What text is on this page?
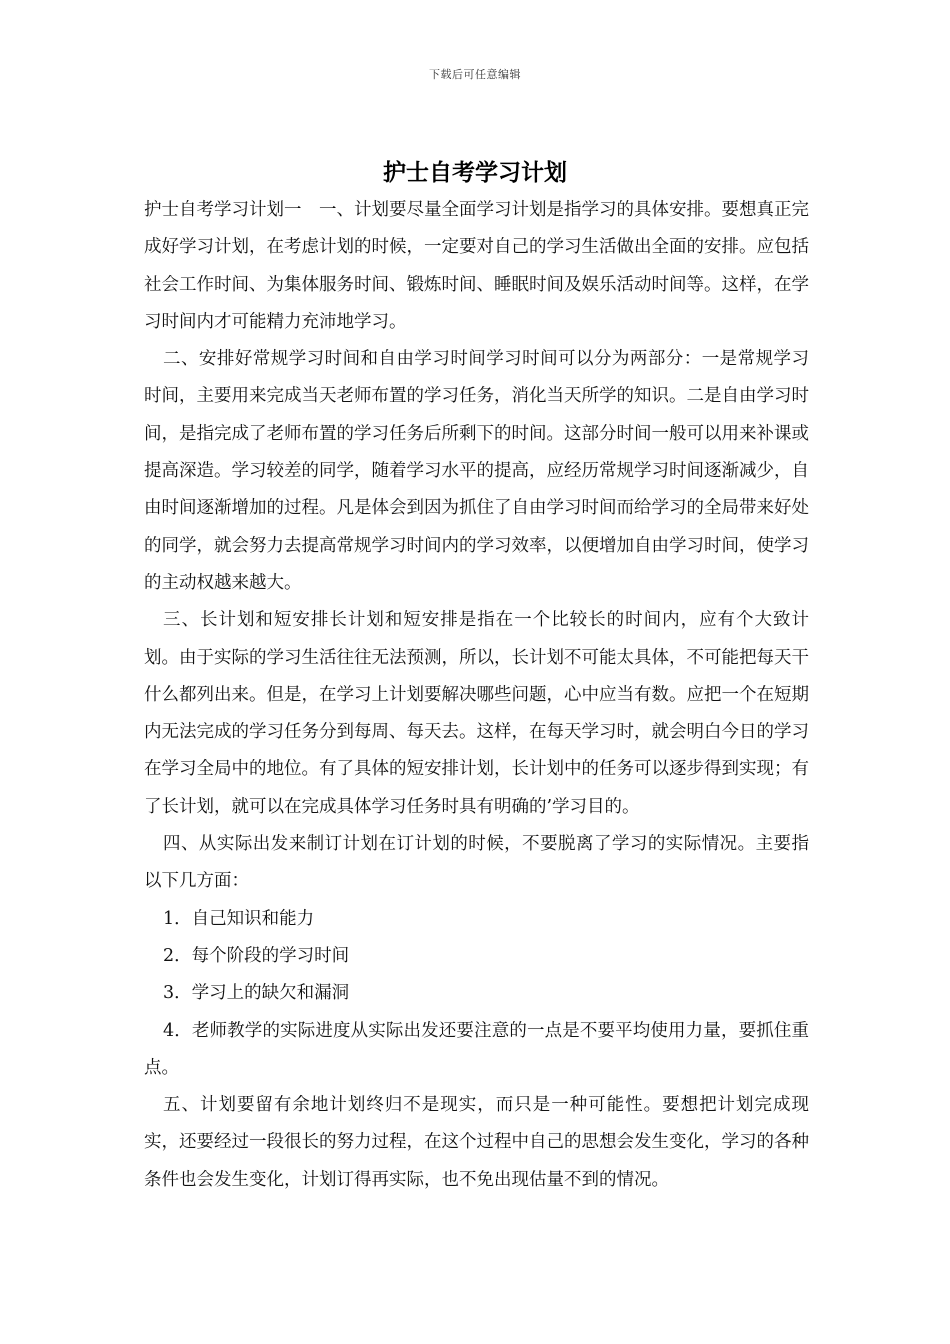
下载后可任意编辑
护士自考学习计划

护士自考学习计划一　一、计划要尽量全面学习计划是指学习的具体安排。要想真正完成好学习计划，在考虑计划的时候，一定要对自己的学习生活做出全面的安排。应包括社会工作时间、为集体服务时间、锻炼时间、睡眠时间及娱乐活动时间等。这样，在学习时间内才可能精力充沛地学习。

二、安排好常规学习时间和自由学习时间学习时间可以分为两部分：一是常规学习时间，主要用来完成当天老师布置的学习任务，消化当天所学的知识。二是自由学习时间，是指完成了老师布置的学习任务后所剩下的时间。这部分时间一般可以用来补课或提高深造。学习较差的同学，随着学习水平的提高，应经历常规学习时间逐渐减少，自由时间逐渐增加的过程。凡是体会到因为抓住了自由学习时间而给学习的全局带来好处的同学，就会努力去提高常规学习时间内的学习效率，以便增加自由学习时间，使学习的主动权越来越大。

三、长计划和短安排长计划和短安排是指在一个比较长的时间内，应有个大致计划。由于实际的学习生活往往无法预测，所以，长计划不可能太具体，不可能把每天干什么都列出来。但是，在学习上计划要解决哪些问题，心中应当有数。应把一个在短期内无法完成的学习任务分到每周、每天去。这样，在每天学习时，就会明白今日的学习在学习全局中的地位。有了具体的短安排计划，长计划中的任务可以逐步得到实现；有了长计划，就可以在完成具体学习任务时具有明确的’学习目的。

四、从实际出发来制订计划在订计划的时候，不要脱离了学习的实际情况。主要指以下几方面：

1．自己知识和能力

2．每个阶段的学习时间

3．学习上的缺欠和漏洞

4．老师教学的实际进度从实际出发还要注意的一点是不要平均使用力量，要抓住重点。

五、计划要留有余地计划终归不是现实，而只是一种可能性。要想把计划完成现实，还要经过一段很长的努力过程，在这个过程中自己的思想会发生变化，学习的各种条件也会发生变化，计划订得再实际，也不免出现估量不到的情况。
